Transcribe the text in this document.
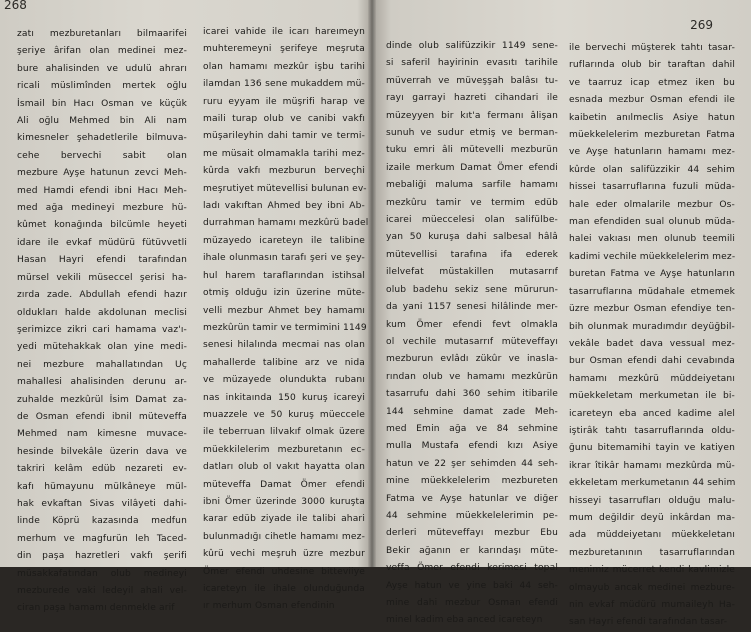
268
zatı mezburetanları bilmaarifei
şeriye ârifan olan medinei mez-
bure ahalisinden ve udulü ahrarı
ricali müslimînden mertek oğlu
İsmail bin Hacı Osman ve küçük
Ali oğlu Mehmed bin Ali nam
kimesneler şehadetlerile bilmuva-
cehe bervechi sabit olan
mezbure Ayşe hatunun zevci Meh-
med Hamdi efendi ibni Hacı Meh-
med ağa medineyi mezbure hü-
kûmet konağında bilcümle heyeti
idare ile evkaf müdürü fütüvvetli
Hasan Hayri efendi tarafından
mürsel vekili müseccel şerisi ha-
zırda zade. Abdullah efendi hazır
oldukları halde akdolunan meclisi
şerimizce zikri cari hamama vaz'ı-
yedi mütehakkak olan yine medi-
nei mezbure mahallatından Uç
mahallesi ahalisinden derunu ar-
zuhalde mezkûrül İsim Damat za-
de Osman efendi ibnil müteveffa
Mehmed nam kimesne muvace-
hesinde bilvekâle üzerin dava ve
takriri kelâm edüb nezareti ev-
kafı hümayunu mülkâneye mül-
hak evkaftan Sivas vilâyeti dahi-
linde Köprü kazasında medfun
merhum ve magfurün leh Taced-
din paşa hazretleri vakfı şerifi
müsakkafatından olub medineyi
mezburede vaki ledeyil ahali vel-
ciran paşa hamamı denmekle arif
icarei vahide ile icarı hareımeyn
muhteremeyni şerifeye meşruta
olan hamamı mezkûr işbu tarihi
ilamdan 136 sene mukaddem mü-
ruru eyyam ile müşrifi harap ve
maili turap olub ve canibi vakfı
müşarileyhin dahi tamir ve termi-
me müsait olmamakla tarihi mez-
kûrda vakfı mezburun berveçhi
meşrutiyet mütevellisi bulunan ev-
ladı vakıftan Ahmed bey ibni Ab-
durrahman hamamı mezkûrü badel
müzayedo icareteyn ile talibine
ihale olunmasın tarafı şeri ve şey-
hul harem taraflarından istihsal
otmiş olduğu izin üzerine müte-
velli mezbur Ahmet bey hamamı
mezkûrün tamir ve termimini 1149
senesi hilalında mecmai nas olan
mahallerde talibine arz ve nida
ve müzayede olundukta rubanı
nas inkitaında 150 kuruş icareyi
muazzele ve 50 kuruş müeccele
ile teberruan lilvakıf olmak üzere
müekkilelerim mezburetanın ec-
datları olub ol vakıt hayatta olan
müteveffa Damat Ömer efendi
ibni Ömer üzerinde 3000 kuruşta
karar edüb ziyade ile talibi ahari
bulunmadığı cihetle hamamı mez-
kûrü vechi meşruh üzre mezbur
Ömer efendi uhdesine bitteviiye
icareteyn ile ihale olunduğunda
ır merhum Osman efendinin
269
dinde olub salifüzzikir 1149 sene-
si saferil hayirinin evasıtı tarihile
müverrah ve müveşşah balâsı tu-
rayı garrayi hazreti cihandari ile
müzeyyen bir kıt'a fermanı âlişan
sunuh ve sudur etmiş ve berman-
tuku emri âli mütevelli mezburün
izaile merkum Damat Ömer efendi
mebaliği maluma sarfile hamamı
mezkûru tamir ve termim edüb
icarei müeccelesi olan salifülbe-
yan 50 kuruşa dahi salbesal hâlâ
mütevellisi tarafına ifa ederek
ilelvefat müstakillen mutasarrıf
olub badehu sekiz sene mürurun-
da yani 1157 senesi hilâlinde mer-
kum Ömer efendi fevt olmakla
ol vechile mutasarrıf müteveffayı
mezburun evlâdı zükûr ve inasla-
rından olub ve hamamı mezkûrün
tasarrufu dahi 360 sehim itibarile
144 sehmine damat zade Meh-
med Emin ağa ve 84 sehmine
mulla Mustafa efendi kızı Asiye
hatun ve 22 şer sehimden 44 seh-
mine müekkelelerim mezbureten
Fatma ve Ayşe hatunlar ve diğer
44 sehmine müekkelelerimin pe-
derleri müteveffayı mezbur Ebu
Bekir ağanın er karındaşı müte-
veffa Ömer efendi kerimesi topal
Ayşe hatun ve yine baki 44 seh-
mine dahi mezbur Osman efendi
minel kadim eba anced icareteyn
ile bervechi müşterek tahtı tasar-
ruflarında olub bir taraftan dahil
ve taarruz icap etmez iken bu
esnada mezbur Osman efendi ile
kaibetin anılmeclis Asiye hatun
müekkelelerim mezburetan Fatma
ve Ayşe hatunların hamamı mez-
kûrde olan salifüzzikir 44 sehim
hissei tasarruflarına fuzuli müda-
hale eder olmalarile mezbur Os-
man efendiden sual olunub müda-
halei vakıası men olunub teemili
kadimi vechile müekkelelerim mez-
buretan Fatma ve Ayşe hatunların
tasarruflarına müdahale etmemek
üzre mezbur Osman efendiye ten-
bih olunmak muradımdır deyüğbil-
vekâle badet dava vessual mez-
bur Osman efendi dahi cevabında
hamamı mezkûrü müddeiyetanı
müekkeletam merkumetan ile bi-
icareteyn eba anced kadime alel
iştirâk tahtı tasarruflarında oldu-
ğunu bitemamihi tayin ve katiyen
ikrar îtikâr hamamı mezkûrda mü-
ekkeletam merkumetanın 44 sehim
hisseyi tasarrufları olduğu malu-
mum değildir deyü inkârdan ma-
ada müddeiyetanı müekkeletanı
mezburetanının tasarruflarından
menimiz mücerret kendi kavlimizle
olmayub ancak medinei mezbure-
nin evkaf müdürü mumaileyh Ha-
san Hayri efendi tarafından tasar-
